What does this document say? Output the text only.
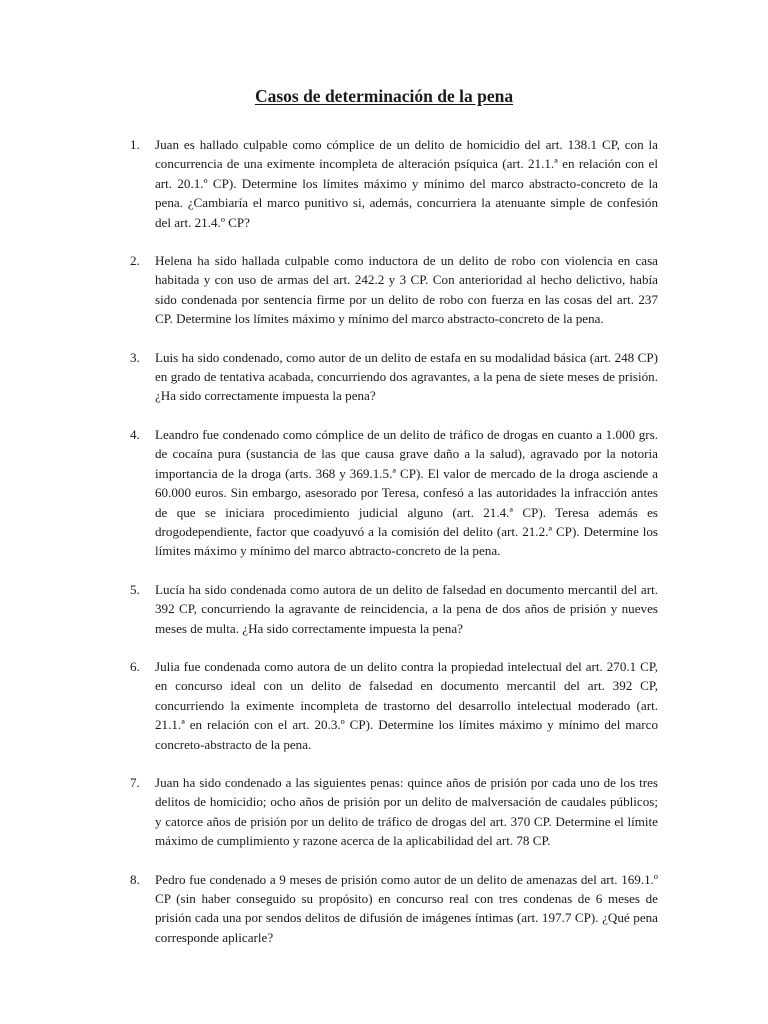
Casos de determinación de la pena
1. Juan es hallado culpable como cómplice de un delito de homicidio del art. 138.1 CP, con la concurrencia de una eximente incompleta de alteración psíquica (art. 21.1.ª en relación con el art. 20.1.º CP). Determine los límites máximo y mínimo del marco abstracto-concreto de la pena. ¿Cambiaría el marco punitivo si, además, concurriera la atenuante simple de confesión del art. 21.4.º CP?
2. Helena ha sido hallada culpable como inductora de un delito de robo con violencia en casa habitada y con uso de armas del art. 242.2 y 3 CP. Con anterioridad al hecho delictivo, había sido condenada por sentencia firme por un delito de robo con fuerza en las cosas del art. 237 CP. Determine los límites máximo y mínimo del marco abstracto-concreto de la pena.
3. Luis ha sido condenado, como autor de un delito de estafa en su modalidad básica (art. 248 CP) en grado de tentativa acabada, concurriendo dos agravantes, a la pena de siete meses de prisión. ¿Ha sido correctamente impuesta la pena?
4. Leandro fue condenado como cómplice de un delito de tráfico de drogas en cuanto a 1.000 grs. de cocaína pura (sustancia de las que causa grave daño a la salud), agravado por la notoria importancia de la droga (arts. 368 y 369.1.5.ª CP). El valor de mercado de la droga asciende a 60.000 euros. Sin embargo, asesorado por Teresa, confesó a las autoridades la infracción antes de que se iniciara procedimiento judicial alguno (art. 21.4.ª CP). Teresa además es drogodependiente, factor que coadyuvó a la comisión del delito (art. 21.2.ª CP). Determine los límites máximo y mínimo del marco abtracto-concreto de la pena.
5. Lucía ha sido condenada como autora de un delito de falsedad en documento mercantil del art. 392 CP, concurriendo la agravante de reincidencia, a la pena de dos años de prisión y nueves meses de multa. ¿Ha sido correctamente impuesta la pena?
6. Julia fue condenada como autora de un delito contra la propiedad intelectual del art. 270.1 CP, en concurso ideal con un delito de falsedad en documento mercantil del art. 392 CP, concurriendo la eximente incompleta de trastorno del desarrollo intelectual moderado (art. 21.1.ª en relación con el art. 20.3.º CP). Determine los límites máximo y mínimo del marco concreto-abstracto de la pena.
7. Juan ha sido condenado a las siguientes penas: quince años de prisión por cada uno de los tres delitos de homicidio; ocho años de prisión por un delito de malversación de caudales públicos; y catorce años de prisión por un delito de tráfico de drogas del art. 370 CP. Determine el límite máximo de cumplimiento y razone acerca de la aplicabilidad del art. 78 CP.
8. Pedro fue condenado a 9 meses de prisión como autor de un delito de amenazas del art. 169.1.º CP (sin haber conseguido su propósito) en concurso real con tres condenas de 6 meses de prisión cada una por sendos delitos de difusión de imágenes íntimas (art. 197.7 CP). ¿Qué pena corresponde aplicarle?
